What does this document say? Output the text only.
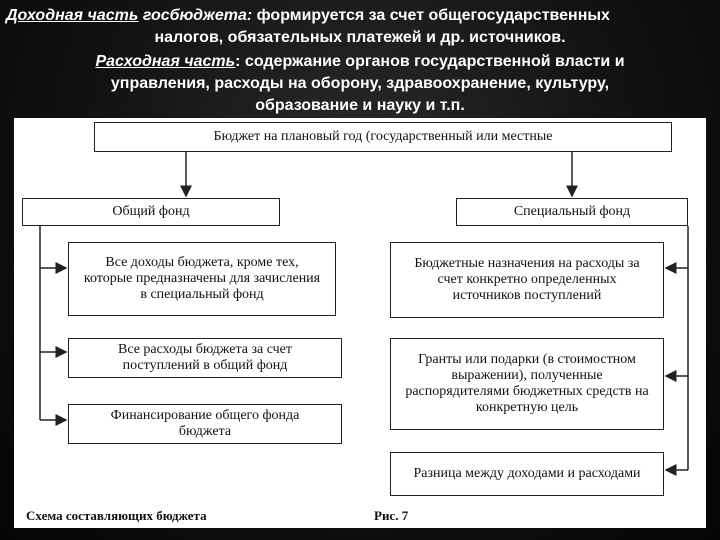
Доходная часть госбюджета: формируется за счет общегосударственных
налогов, обязательных платежей и др. источников.
Расходная часть: содержание органов государственной власти и
управления, расходы на оборону, здравоохранение, культуру,
образование и науку и т.п.
Бюджет на плановый год (государственный или местные
Общий фонд	Специальный фонд
Все доходы бюджета, кроме тех, которые предназначены для зачисления в специальный фонд
Все расходы бюджета за счет поступлений в общий фонд
Финансирование общего фонда бюджета
Бюджетные назначения на расходы за счет конкретно определенных источников поступлений
Гранты или подарки (в стоимостном выражении), полученные распорядителями бюджетных средств на конкретную цель
Разница между доходами и расходами
Схема составляющих бюджета	Рис. 7
